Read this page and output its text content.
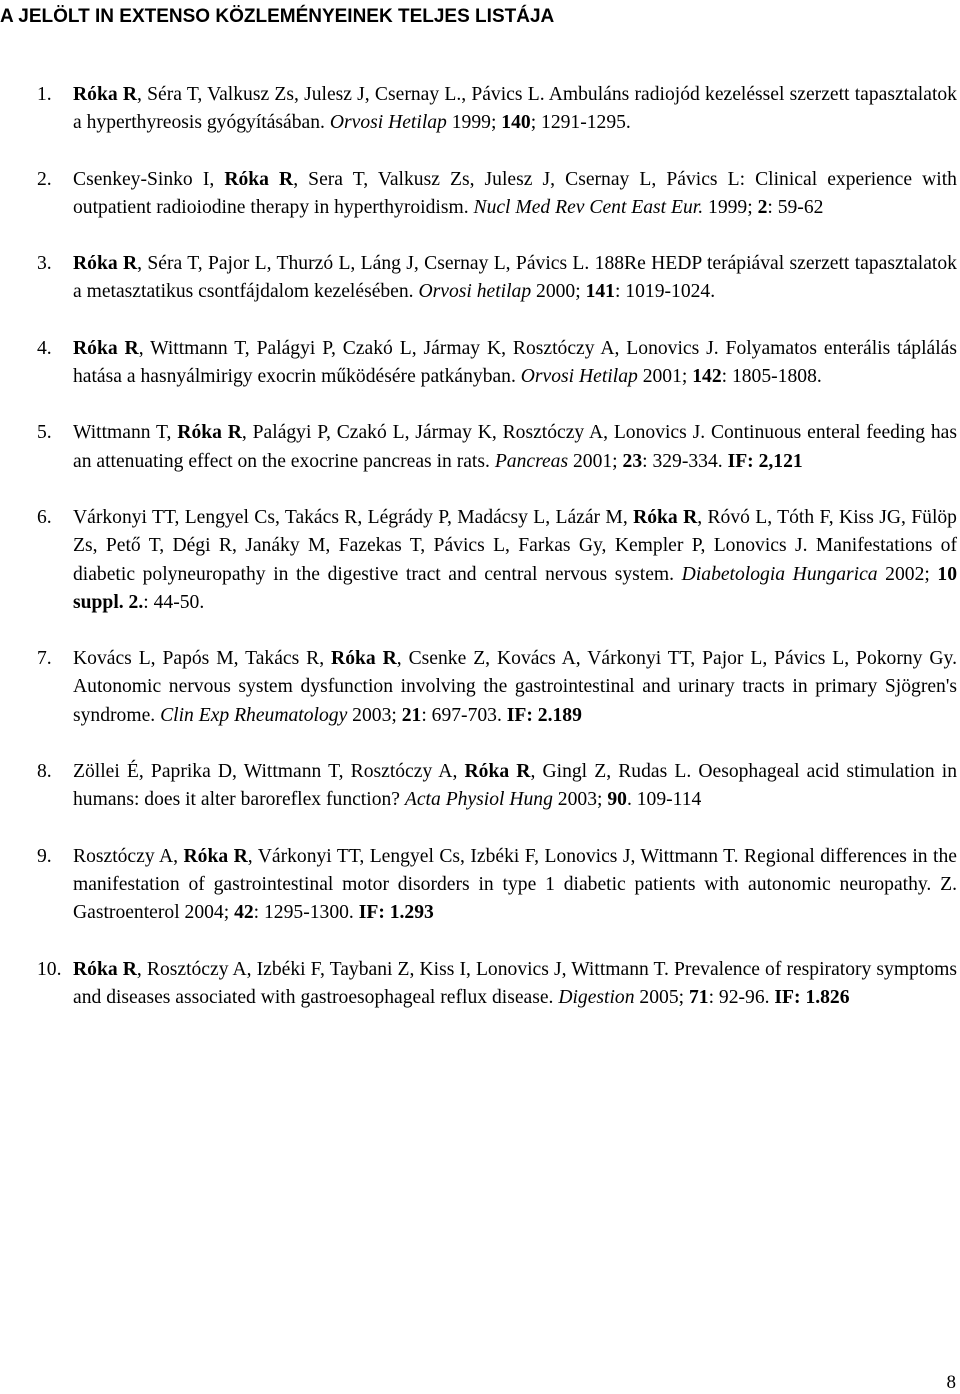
A JELÖLT IN EXTENSO KÖZLEMÉNYEINEK TELJES LISTÁJA
1. Róka R, Séra T, Valkusz Zs, Julesz J, Csernay L., Pávics L. Ambuláns radiojód kezeléssel szerzett tapasztalatok a hyperthyreosis gyógyításában. Orvosi Hetilap 1999; 140; 1291-1295.
2. Csenkey-Sinko I, Róka R, Sera T, Valkusz Zs, Julesz J, Csernay L, Pávics L: Clinical experience with outpatient radioiodine therapy in hyperthyroidism. Nucl Med Rev Cent East Eur. 1999; 2: 59-62
3. Róka R, Séra T, Pajor L, Thurzó L, Láng J, Csernay L, Pávics L. 188Re HEDP terápiával szerzett tapasztalatok a metasztatikus csontfájdalom kezelésében. Orvosi hetilap 2000; 141: 1019-1024.
4. Róka R, Wittmann T, Palágyi P, Czakó L, Jármay K, Rosztóczy A, Lonovics J. Folyamatos enterális táplálás hatása a hasnyálmirigy exocrin működésére patkányban. Orvosi Hetilap 2001; 142: 1805-1808.
5. Wittmann T, Róka R, Palágyi P, Czakó L, Jármay K, Rosztóczy A, Lonovics J. Continuous enteral feeding has an attenuating effect on the exocrine pancreas in rats. Pancreas 2001; 23: 329-334. IF: 2,121
6. Várkonyi TT, Lengyel Cs, Takács R, Légrády P, Madácsy L, Lázár M, Róka R, Róvó L, Tóth F, Kiss JG, Fülöp Zs, Pető T, Dégi R, Janáky M, Fazekas T, Pávics L, Farkas Gy, Kempler P, Lonovics J. Manifestations of diabetic polyneuropathy in the digestive tract and central nervous system. Diabetologia Hungarica 2002; 10 suppl. 2.: 44-50.
7. Kovács L, Papós M, Takács R, Róka R, Csenke Z, Kovács A, Várkonyi TT, Pajor L, Pávics L, Pokorny Gy. Autonomic nervous system dysfunction involving the gastrointestinal and urinary tracts in primary Sjögren's syndrome. Clin Exp Rheumatology 2003; 21: 697-703. IF: 2.189
8. Zöllei É, Paprika D, Wittmann T, Rosztóczy A, Róka R, Gingl Z, Rudas L. Oesophageal acid stimulation in humans: does it alter baroreflex function? Acta Physiol Hung 2003; 90. 109-114
9. Rosztóczy A, Róka R, Várkonyi TT, Lengyel Cs, Izbéki F, Lonovics J, Wittmann T. Regional differences in the manifestation of gastrointestinal motor disorders in type 1 diabetic patients with autonomic neuropathy. Z. Gastroenterol 2004; 42: 1295-1300. IF: 1.293
10. Róka R, Rosztóczy A, Izbéki F, Taybani Z, Kiss I, Lonovics J, Wittmann T. Prevalence of respiratory symptoms and diseases associated with gastroesophageal reflux disease. Digestion 2005; 71: 92-96. IF: 1.826
8
